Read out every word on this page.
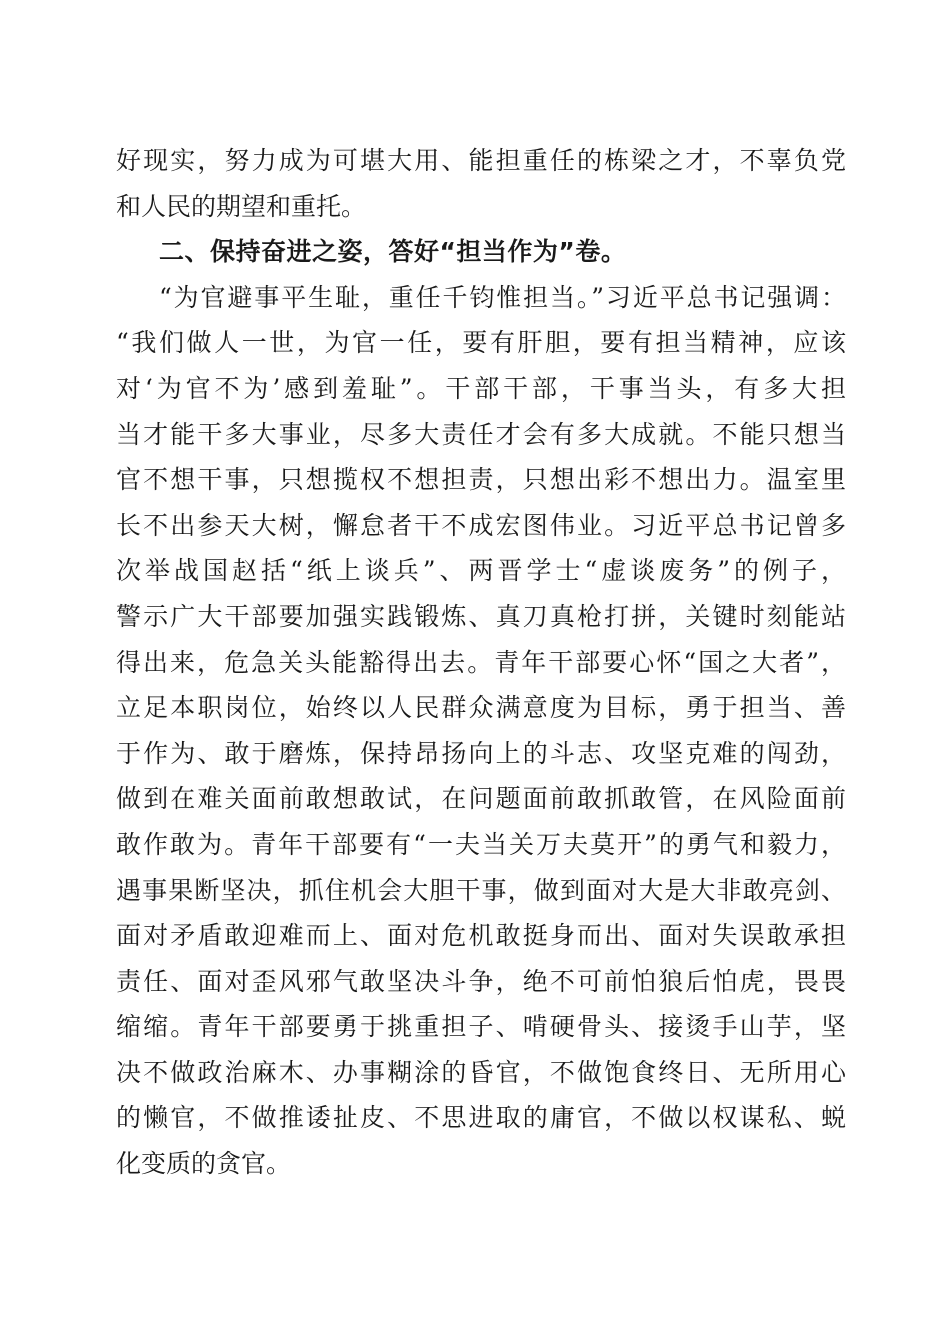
好现实，努力成为可堪大用、能担重任的栋梁之才，不辜负党
和人民的期望和重托。
二、保持奋进之姿，答好“担当作为”卷。
“为官避事平生耻，重任千钧惟担当。”习近平总书记强调：
“我们做人一世，为官一任，要有肝胆，要有担当精神，应该
对‘为官不为’感到羞耻”。干部干部，干事当头，有多大担
当才能干多大事业，尽多大责任才会有多大成就。不能只想当
官不想干事，只想揽权不想担责，只想出彩不想出力。温室里
长不出参天大树，懈怠者干不成宏图伟业。习近平总书记曾多
次举战国赵括“纸上谈兵”、两晋学士“虚谈废务”的例子，
警示广大干部要加强实践锻炼、真刀真枪打拼，关键时刻能站
得出来，危急关头能豁得出去。青年干部要心怀“国之大者”，
立足本职岗位，始终以人民群众满意度为目标，勇于担当、善
于作为、敢于磨炼，保持昂扬向上的斗志、攻坚克难的闯劲，
做到在难关面前敢想敢试，在问题面前敢抓敢管，在风险面前
敢作敢为。青年干部要有“一夫当关万夫莫开”的勇气和毅力，
遇事果断坚决，抓住机会大胆干事，做到面对大是大非敢亮剑、
面对矛盾敢迎难而上、面对危机敢挺身而出、面对失误敢承担
责任、面对歪风邪气敢坚决斗争，绝不可前怕狼后怕虎，畏畏
缩缩。青年干部要勇于挑重担子、啃硬骨头、接烫手山芋，坚
决不做政治麻木、办事糊涂的昏官，不做饱食终日、无所用心
的懒官，不做推诿扯皮、不思进取的庸官，不做以权谋私、蜕
化变质的贪官。
